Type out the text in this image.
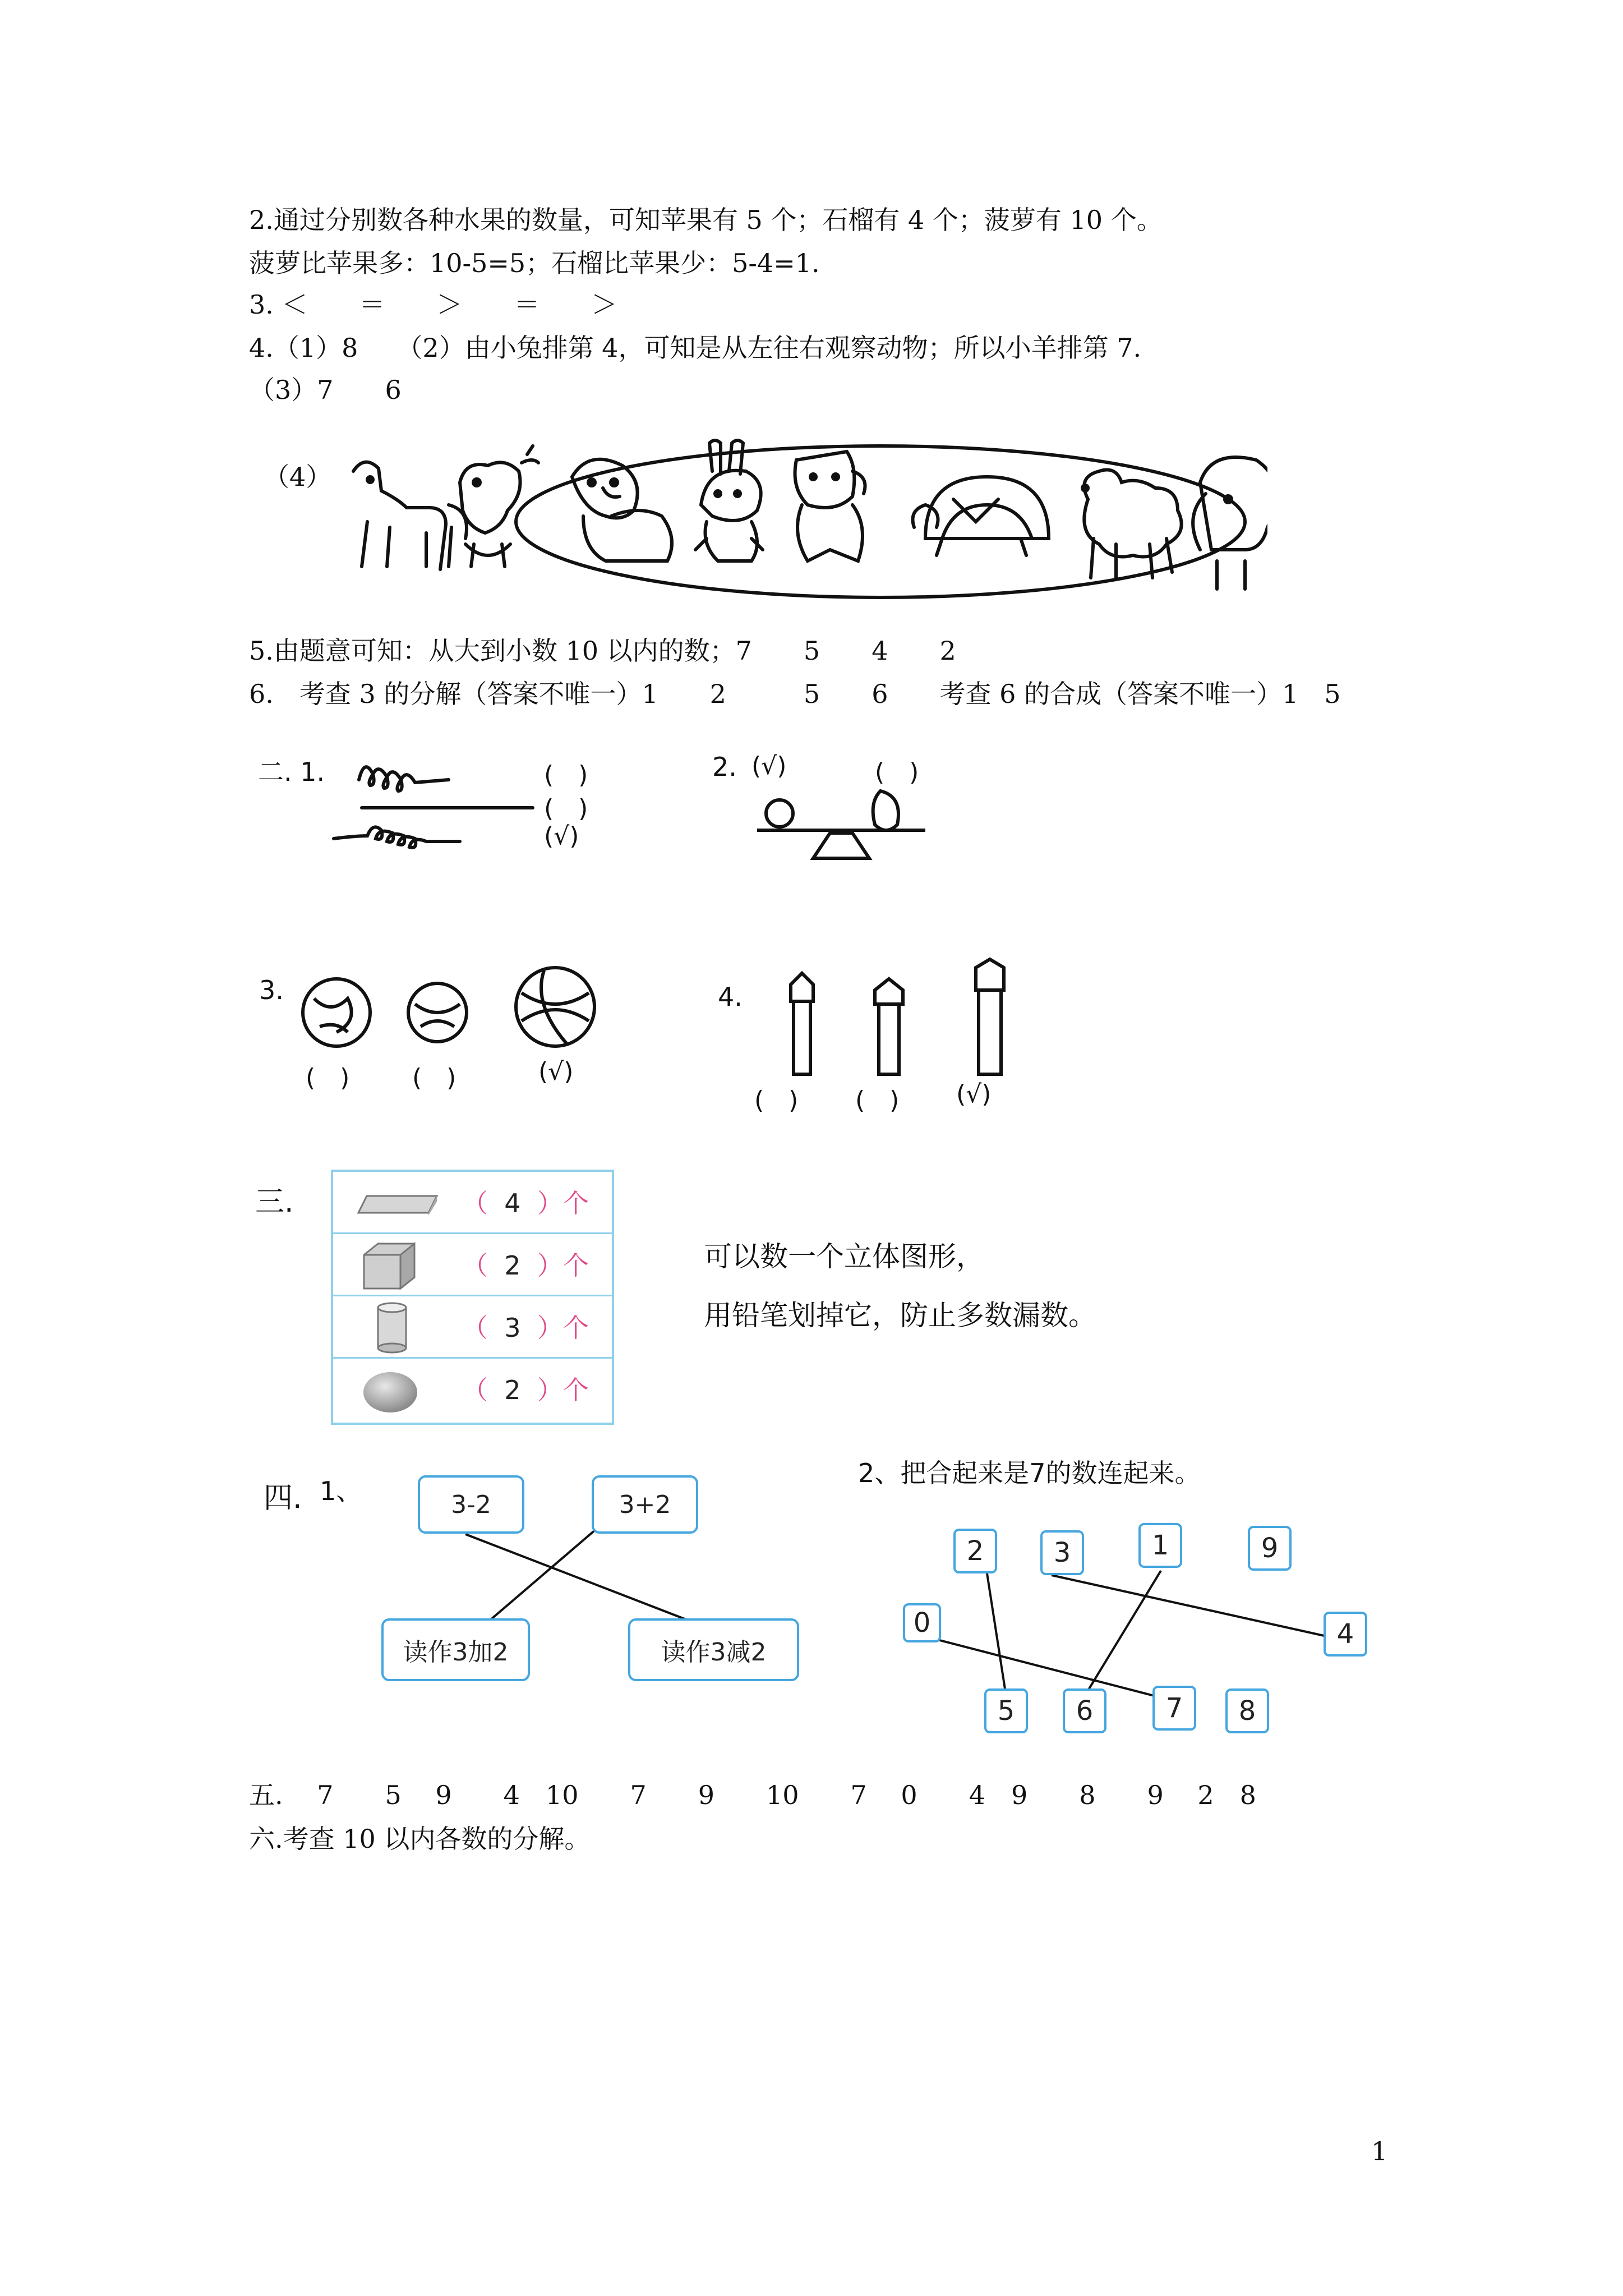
2.通过分别数各种水果的数量，可知苹果有 5 个；石榴有 4 个；菠萝有 10 个。
菠萝比苹果多：10-5=5；石榴比苹果少：5-4=1.
3. ＜　　＝　　＞　　＝　　＞
4.（1）8　　（2）由小兔排第 4，可知是从左往右观察动物；所以小羊排第 7.
（3）7　　6
（4）
5.由题意可知：从大到小数 10 以内的数；7　　5　　4　　2
6.　考查 3 的分解（答案不唯一）1　　2　　　5　　6　　考查 6 的合成（答案不唯一）1　5
二. 1.	(　)
(　)
(√)
2. (√)	(　)
3.
(　)	(　)	(√)
4.
(　) (　) (√)
三.	（ 4 ）个
（ 2 ）个
（ 3 ）个
（ 2 ）个
可以数一个立体图形，
用铅笔划掉它，防止多数漏数。
四. 1、	3-2	3+2
读作3加2	读作3减2
2、把合起来是7的数连起来。
2	3	1	9
0	4
5	6	7	8
五.　 7　　5　 9　　4　10　　7　　9　　10　　7　 0　　4　9　　8　　9　 2　8
六.考查 10 以内各数的分解。
1
